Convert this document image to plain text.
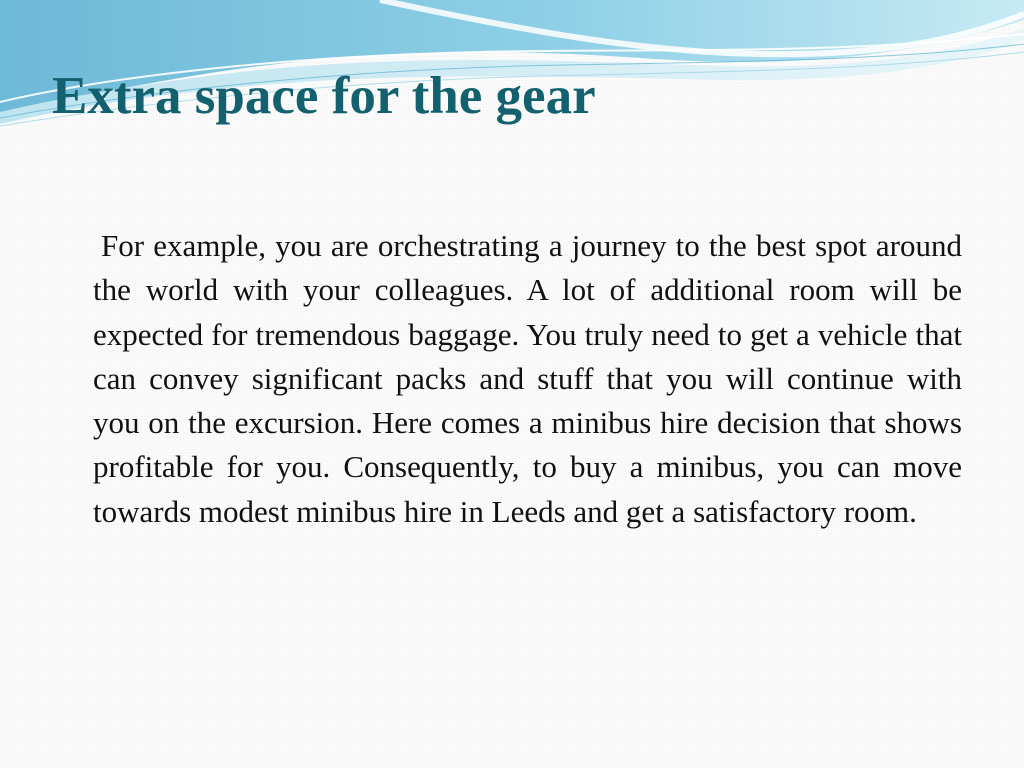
Extra space for the gear

For example, you are orchestrating a journey to the best spot around the world with your colleagues. A lot of additional room will be expected for tremendous baggage. You truly need to get a vehicle that can convey significant packs and stuff that you will continue with you on the excursion. Here comes a minibus hire decision that shows profitable for you. Consequently, to buy a minibus, you can move towards modest minibus hire in Leeds and get a satisfactory room.
